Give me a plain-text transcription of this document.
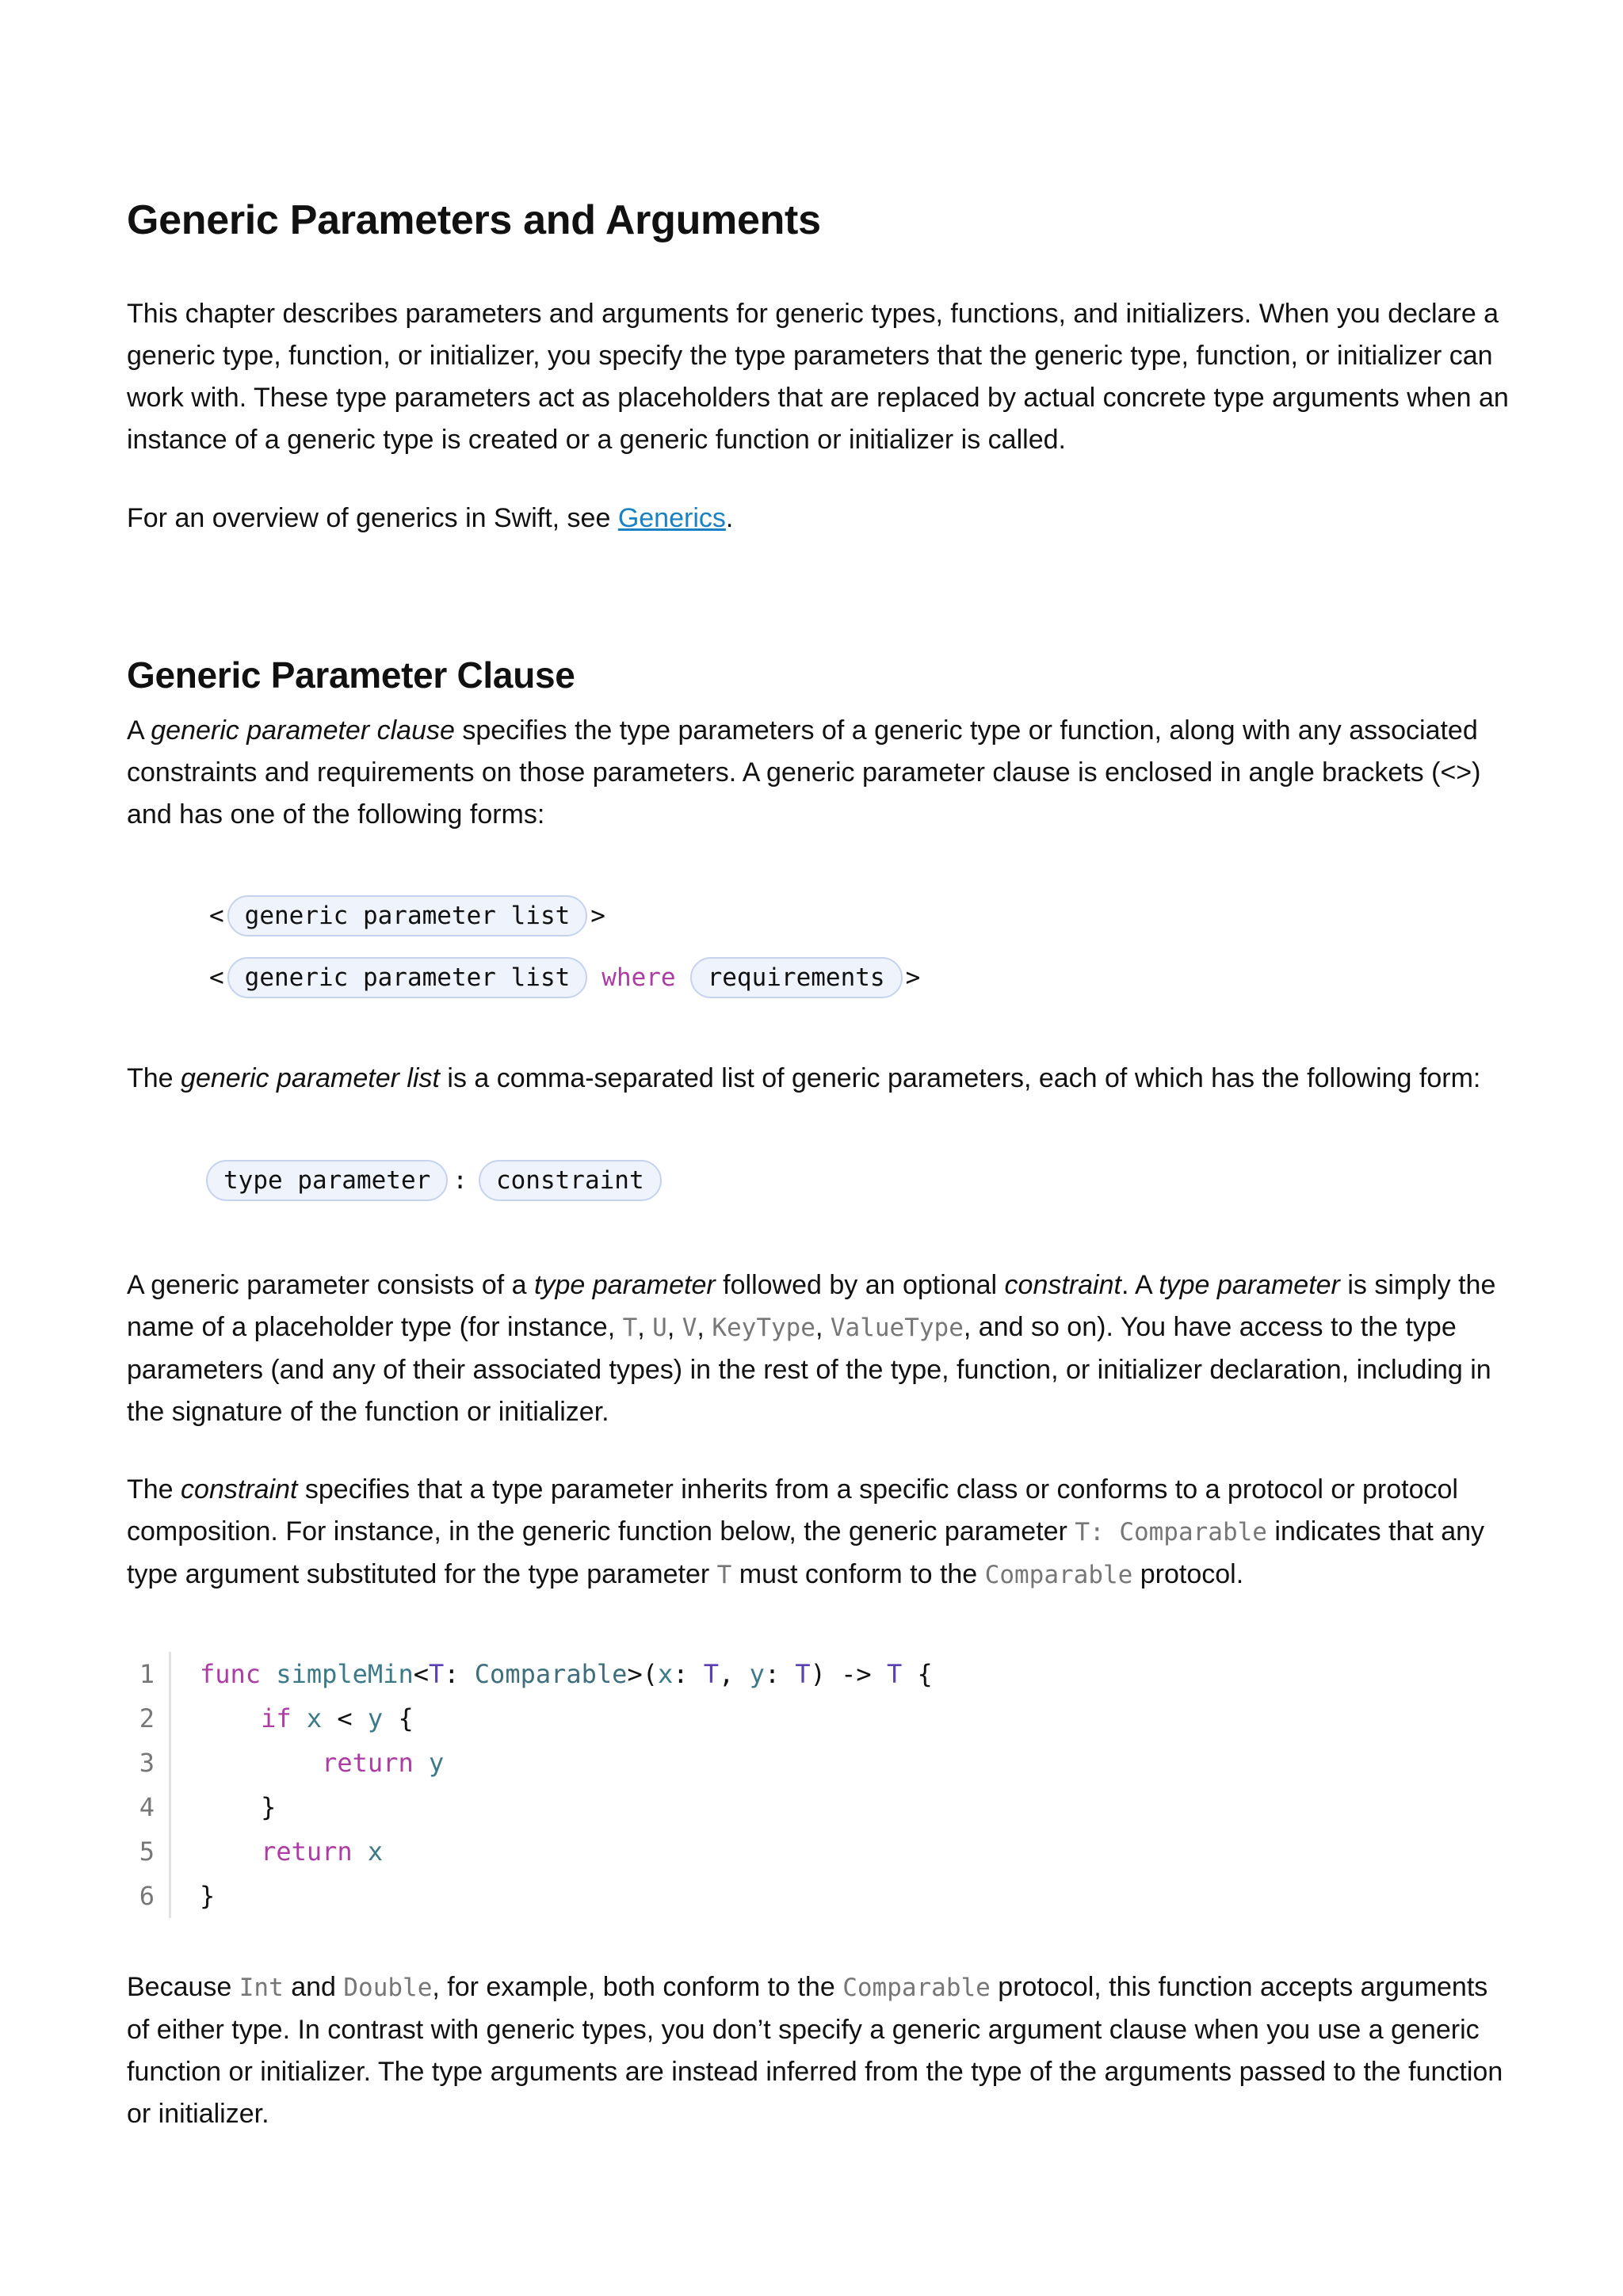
Generic Parameters and Arguments

This chapter describes parameters and arguments for generic types, functions, and initializers. When you declare a generic type, function, or initializer, you specify the type parameters that the generic type, function, or initializer can work with. These type parameters act as placeholders that are replaced by actual concrete type arguments when an instance of a generic type is created or a generic function or initializer is called.

For an overview of generics in Swift, see Generics.

Generic Parameter Clause

A generic parameter clause specifies the type parameters of a generic type or function, along with any associated constraints and requirements on those parameters. A generic parameter clause is enclosed in angle brackets (<>) and has one of the following forms:

< generic parameter list >
< generic parameter list	where	requirements >

The generic parameter list is a comma-separated list of generic parameters, each of which has the following form:

type parameter :	constraint

A generic parameter consists of a type parameter followed by an optional constraint. A type parameter is simply the name of a placeholder type (for instance, T, U, V, KeyType, ValueType, and so on). You have access to the type parameters (and any of their associated types) in the rest of the type, function, or initializer declaration, including in the signature of the function or initializer.

The constraint specifies that a type parameter inherits from a specific class or conforms to a protocol or protocol composition. For instance, in the generic function below, the generic parameter T: Comparable indicates that any type argument substituted for the type parameter T must conform to the Comparable protocol.

Because Int and Double, for example, both conform to the Comparable protocol, this function accepts arguments of either type. In contrast with generic types, you don’t specify a generic argument clause when you use a generic function or initializer. The type arguments are instead inferred from the type of the arguments passed to the function or initializer.

1	func simpleMin<T: Comparable>(x: T, y: T) -> T {
2	if x < y {
3	return y
4	}
5	return x
6	}
